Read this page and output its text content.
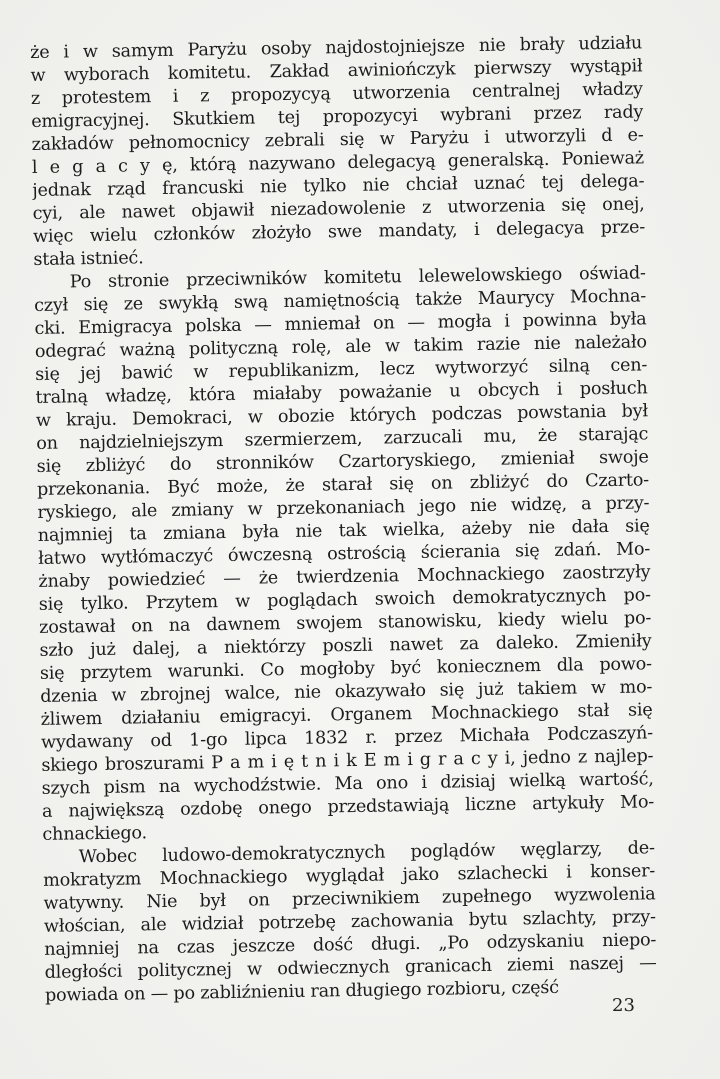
że i w samym Paryżu osoby najdostojniejsze nie brały udziału
w wyborach komitetu. Zakład awiniończyk pierwszy wystąpił
z protestem i z propozycyą utworzenia centralnej władzy
emigracyjnej. Skutkiem tej propozycyi wybrani przez rady
zakładów pełnomocnicy zebrali się w Paryżu i utworzyli d e-
l e g a c y ę, którą nazywano delegacyą generalską. Ponieważ
jednak rząd francuski nie tylko nie chciał uznać tej delega-
cyi, ale nawet objawił niezadowolenie z utworzenia się onej,
więc wielu członków złożyło swe mandaty, i delegacya prze-
stała istnieć.
Po stronie przeciwników komitetu lelewelowskiego oświad-
czył się ze swykłą swą namiętnością także Maurycy Mochna-
cki. Emigracya polska — mniemał on — mogła i powinna była
odegrać ważną polityczną rolę, ale w takim razie nie należało
się jej bawić w republikanizm, lecz wytworzyć silną cen-
tralną władzę, która miałaby poważanie u obcych i posłuch
w kraju. Demokraci, w obozie których podczas powstania był
on najdzielniejszym szermierzem, zarzucali mu, że starając
się zbliżyć do stronników Czartoryskiego, zmieniał swoje
przekonania. Być może, że starał się on zbliżyć do Czarto-
ryskiego, ale zmiany w przekonaniach jego nie widzę, a przy-
najmniej ta zmiana była nie tak wielka, ażeby nie dała się
łatwo wytłómaczyć ówczesną ostrością ścierania się zdań. Mo-
żnaby powiedzieć — że twierdzenia Mochnackiego zaostrzyły
się tylko. Przytem w poglądach swoich demokratycznych po-
zostawał on na dawnem swojem stanowisku, kiedy wielu po-
szło już dalej, a niektórzy poszli nawet za daleko. Zmieniły
się przytem warunki. Co mogłoby być koniecznem dla powo-
dzenia w zbrojnej walce, nie okazywało się już takiem w mo-
żliwem działaniu emigracyi. Organem Mochnackiego stał się
wydawany od 1-go lipca 1832 r. przez Michała Podczaszyń-
skiego broszurami P a m i ę t n i k E m i g r a c y i, jedno z najlep-
szych pism na wychodźstwie. Ma ono i dzisiaj wielką wartość,
a największą ozdobę onego przedstawiają liczne artykuły Mo-
chnackiego.
Wobec ludowo-demokratycznych poglądów węglarzy, de-
mokratyzm Mochnackiego wyglądał jako szlachecki i konser-
watywny. Nie był on przeciwnikiem zupełnego wyzwolenia
włościan, ale widział potrzebę zachowania bytu szlachty, przy-
najmniej na czas jeszcze dość długi. „Po odzyskaniu niepo-
dległości politycznej w odwiecznych granicach ziemi naszej —
powiada on — po zabliźnieniu ran długiego rozbioru, część	23
